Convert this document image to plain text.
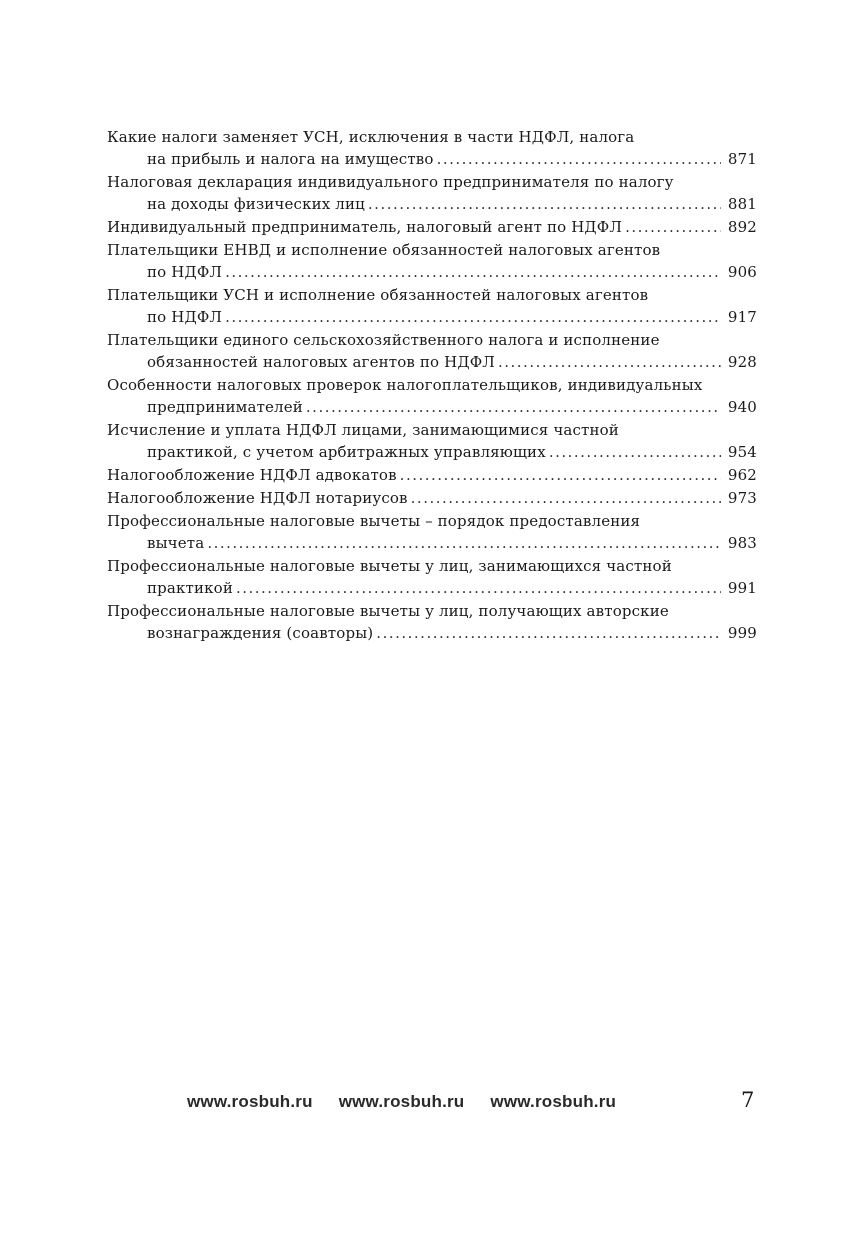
Какие налоги заменяет УСН, исключения в части НДФЛ, налога
на прибыль и налога на имущество .....	871
Налоговая декларация индивидуального предпринимателя по налогу
на доходы физических лиц .....	881
Индивидуальный предприниматель, налоговый агент по НДФЛ .....	892
Плательщики ЕНВД и исполнение обязанностей налоговых агентов
по НДФЛ .....	906
Плательщики УСН и исполнение обязанностей налоговых агентов
по НДФЛ .....	917
Плательщики единого сельскохозяйственного налога и исполнение
обязанностей налоговых агентов по НДФЛ .....	928
Особенности налоговых проверок налогоплательщиков, индивидуальных
предпринимателей .....	940
Исчисление и уплата НДФЛ лицами, занимающимися частной
практикой, с учетом арбитражных управляющих .....	954
Налогообложение НДФЛ адвокатов .....	962
Налогообложение НДФЛ нотариусов .....	973
Профессиональные налоговые вычеты – порядок предоставления
вычета .....	983
Профессиональные налоговые вычеты у лиц, занимающихся частной
практикой .....	991
Профессиональные налоговые вычеты у лиц, получающих авторские
вознаграждения (соавторы) .....	999
www.rosbuh.ru www.rosbuh.ru www.rosbuh.ru	7
